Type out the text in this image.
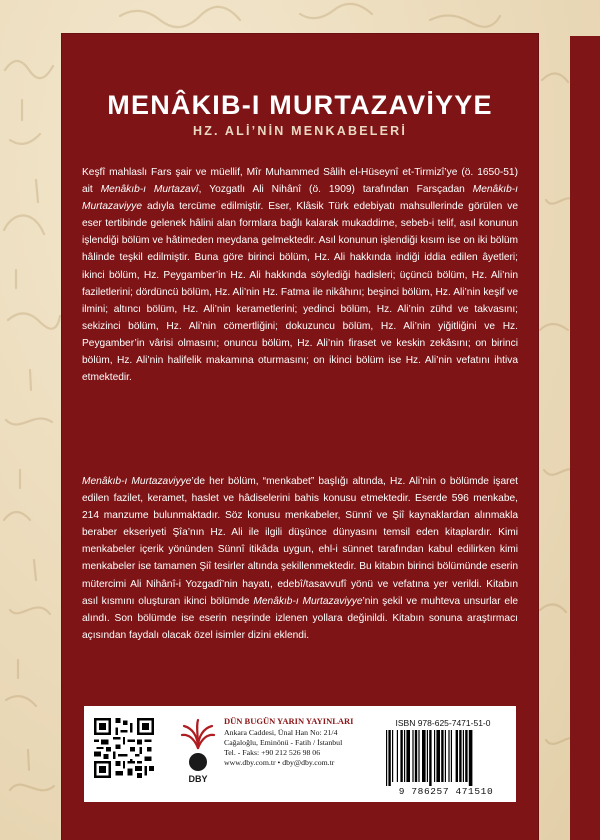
MENÂKIB-I MURTAZAVİYYE
HZ. ALİ’NİN MENKABELERİ

Keşfî mahlaslı Fars şair ve müellif, Mîr Muhammed Sâlih el-Hüseynî et-Tirmizî’ye (ö. 1650-51) ait Menâkıb-ı Murtazavî, Yozgatlı Ali Nihânî (ö. 1909) tarafından Farsçadan Menâkıb-ı Murtazaviyye adıyla tercüme edilmiştir. Eser, Klâsik Türk edebiyatı mahsullerinde görülen ve eser tertibinde gelenek hâlini alan formlara bağlı kalarak mukaddime, sebeb-i telif, asıl konunun işlendiği bölüm ve hâtimeden meydana gelmektedir. Asıl konunun işlendiği kısım ise on iki bölüm hâlinde teşkil edilmiştir. Buna göre birinci bölüm, Hz. Ali hakkında indiği iddia edilen âyetleri; ikinci bölüm, Hz. Peygamber’in Hz. Ali hakkında söylediği hadisleri; üçüncü bölüm, Hz. Ali’nin faziletlerini; dördüncü bölüm, Hz. Ali’nin Hz. Fatma ile nikâhını; beşinci bölüm, Hz. Ali’nin keşif ve ilmini; altıncı bölüm, Hz. Ali’nin kerametlerini; yedinci bölüm, Hz. Ali’nin zühd ve takvasını; sekizinci bölüm, Hz. Ali’nin cömertliğini; dokuzuncu bölüm, Hz. Ali’nin yiğitliğini ve Hz. Peygamber’in vârisi olmasını; onuncu bölüm, Hz. Ali’nin firaset ve keskin zekâsını; on birinci bölüm, Hz. Ali’nin halifelik makamına oturmasını; on ikinci bölüm ise Hz. Ali’nin vefatını ihtiva etmektedir.

Menâkıb-ı Murtazaviyye’de her bölüm, “menkabet” başlığı altında, Hz. Ali’nin o bölümde işaret edilen fazilet, keramet, haslet ve hâdiselerini bahis konusu etmektedir. Eserde 596 menkabe, 214 manzume bulunmaktadır. Söz konusu menkabeler, Sünnî ve Şiî kaynaklardan alınmakla beraber ekseriyeti Şîa’nın Hz. Ali ile ilgili düşünce dünyasını temsil eden kitaplardır. Kimi menkabeler içerik yönünden Sünnî itikâda uygun, ehl-i sünnet tarafından kabul edilirken kimi menkabeler ise tamamen Şiî tesirler altında şekillenmektedir. Bu kitabın birinci bölümünde eserin mütercimi Ali Nihânî-i Yozgadî’nin hayatı, edebî/tasavvufî yönü ve vefatına yer verildi. Kitabın asıl kısmını oluşturan ikinci bölümde Menâkıb-ı Murtazaviyye’nin şekil ve muhteva unsurlar ele alındı. Son bölümde ise eserin neşrinde izlenen yollara değinildi. Kitabın sonuna araştırmacı açısından faydalı olacak özel isimler dizini eklendi.

DBY

DÜN BUGÜN YARIN YAYINLARI

Ankara Caddesi, Ünal Han No: 21/4

Cağaloğlu, Eminönü - Fatih / İstanbul

Tel. - Faks: +90 212 526 98 06

www.dby.com.tr • dby@dby.com.tr

ISBN 978-625-7471-51-0
9 786257 471510
